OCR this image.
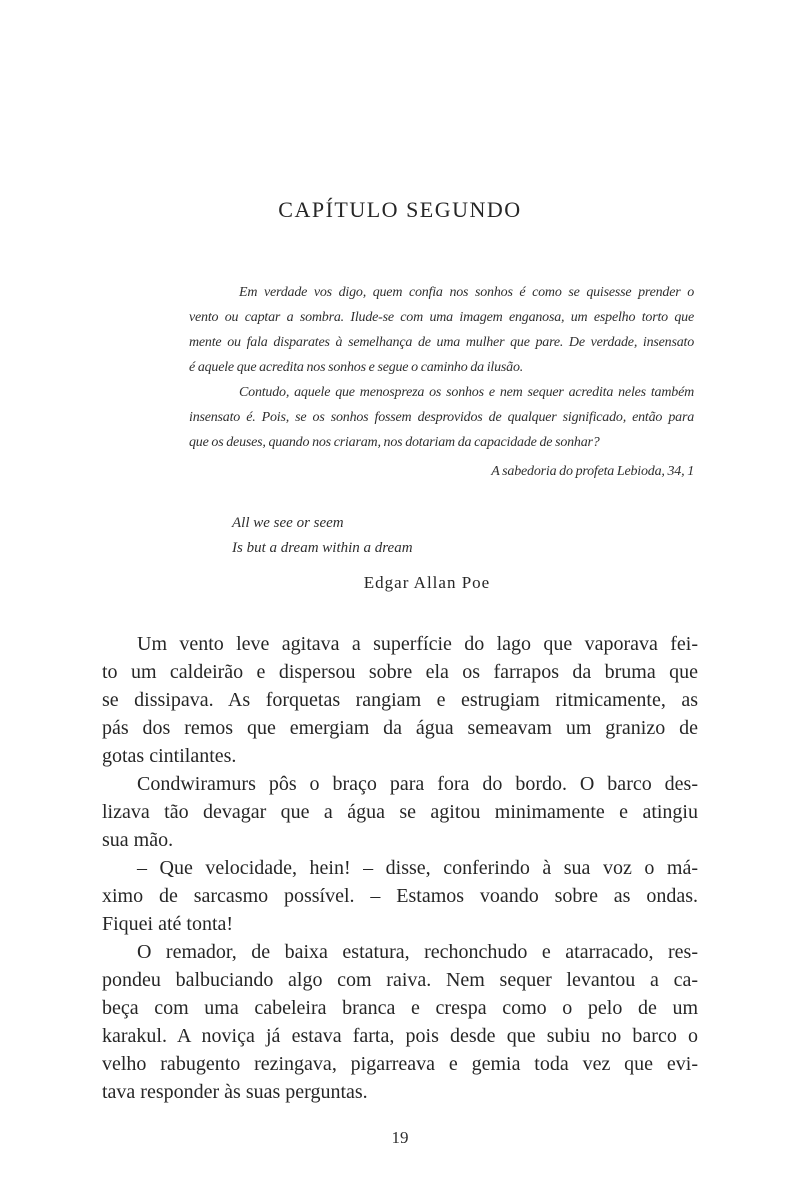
CAPÍTULO SEGUNDO
Em verdade vos digo, quem confia nos sonhos é como se quisesse prender o
vento ou captar a sombra. Ilude-se com uma imagem enganosa, um espelho torto que
mente ou fala disparates à semelhança de uma mulher que pare. De verdade, insensato
é aquele que acredita nos sonhos e segue o caminho da ilusão.
Contudo, aquele que menospreza os sonhos e nem sequer acredita neles também
insensato é. Pois, se os sonhos fossem desprovidos de qualquer significado, então para
que os deuses, quando nos criaram, nos dotariam da capacidade de sonhar?
A sabedoria do profeta Lebioda, 34, 1
All we see or seem
Is but a dream within a dream
Edgar Allan Poe
Um vento leve agitava a superfície do lago que vaporava fei-
to um caldeirão e dispersou sobre ela os farrapos da bruma que
se dissipava. As forquetas rangiam e estrugiam ritmicamente, as
pás dos remos que emergiam da água semeavam um granizo de
gotas cintilantes.
Condwiramurs pôs o braço para fora do bordo. O barco des-
lizava tão devagar que a água se agitou minimamente e atingiu
sua mão.
– Que velocidade, hein! – disse, conferindo à sua voz o má-
ximo de sarcasmo possível. – Estamos voando sobre as ondas.
Fiquei até tonta!
O remador, de baixa estatura, rechonchudo e atarracado, res-
pondeu balbuciando algo com raiva. Nem sequer levantou a ca-
beça com uma cabeleira branca e crespa como o pelo de um
karakul. A noviça já estava farta, pois desde que subiu no barco o
velho rabugento rezingava, pigarreava e gemia toda vez que evi-
tava responder às suas perguntas.
19
